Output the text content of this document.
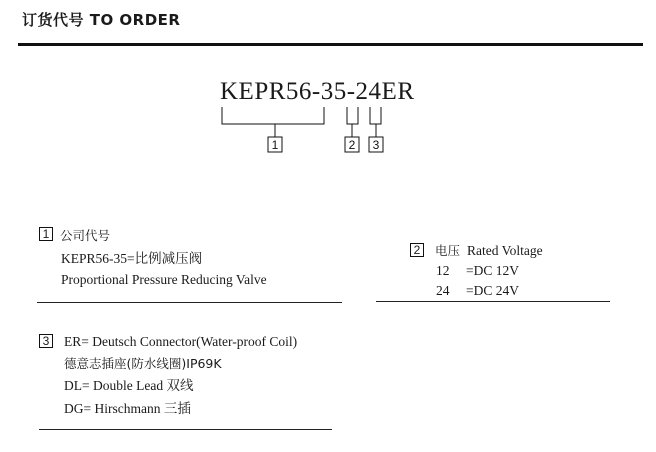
订货代号 TO ORDER
KEPR56-35-24ER
1	2 3
1 公司代号
KEPR56-35=比例减压阀
Proportional Pressure Reducing Valve
2 电压 Rated Voltage
12 =DC 12V
24 =DC 24V
3 ER= Deutsch Connector(Water-proof Coil)
德意志插座(防水线圈)IP69K
DL= Double Lead 双线
DG= Hirschmann 三插
